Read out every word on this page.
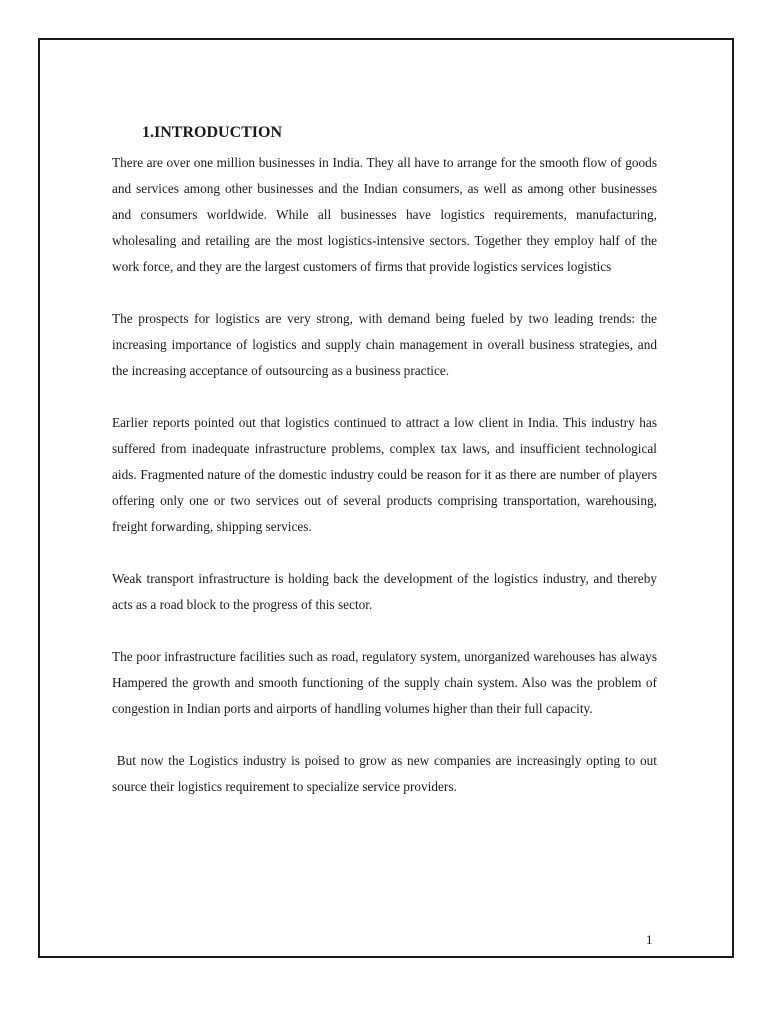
1.INTRODUCTION

There are over one million businesses in India. They all have to arrange for the smooth flow of goods and services among other businesses and the Indian consumers, as well as among other businesses and consumers worldwide. While all businesses have logistics requirements, manufacturing, wholesaling and retailing are the most logistics-intensive sectors. Together they employ half of the work force, and they are the largest customers of firms that provide logistics services logistics

The prospects for logistics are very strong, with demand being fueled by two leading trends: the increasing importance of logistics and supply chain management in overall business strategies, and the increasing acceptance of outsourcing as a business practice.

Earlier reports pointed out that logistics continued to attract a low client in India. This industry has suffered from inadequate infrastructure problems, complex tax laws, and insufficient technological aids. Fragmented nature of the domestic industry could be reason for it as there are number of players offering only one or two services out of several products comprising transportation, warehousing, freight forwarding, shipping services.

Weak transport infrastructure is holding back the development of the logistics industry, and thereby acts as a road block to the progress of this sector.

The poor infrastructure facilities such as road, regulatory system, unorganized warehouses has always Hampered the growth and smooth functioning of the supply chain system. Also was the problem of congestion in Indian ports and airports of handling volumes higher than their full capacity.

But now the Logistics industry is poised to grow as new companies are increasingly opting to out source their logistics requirement to specialize service providers.

1
